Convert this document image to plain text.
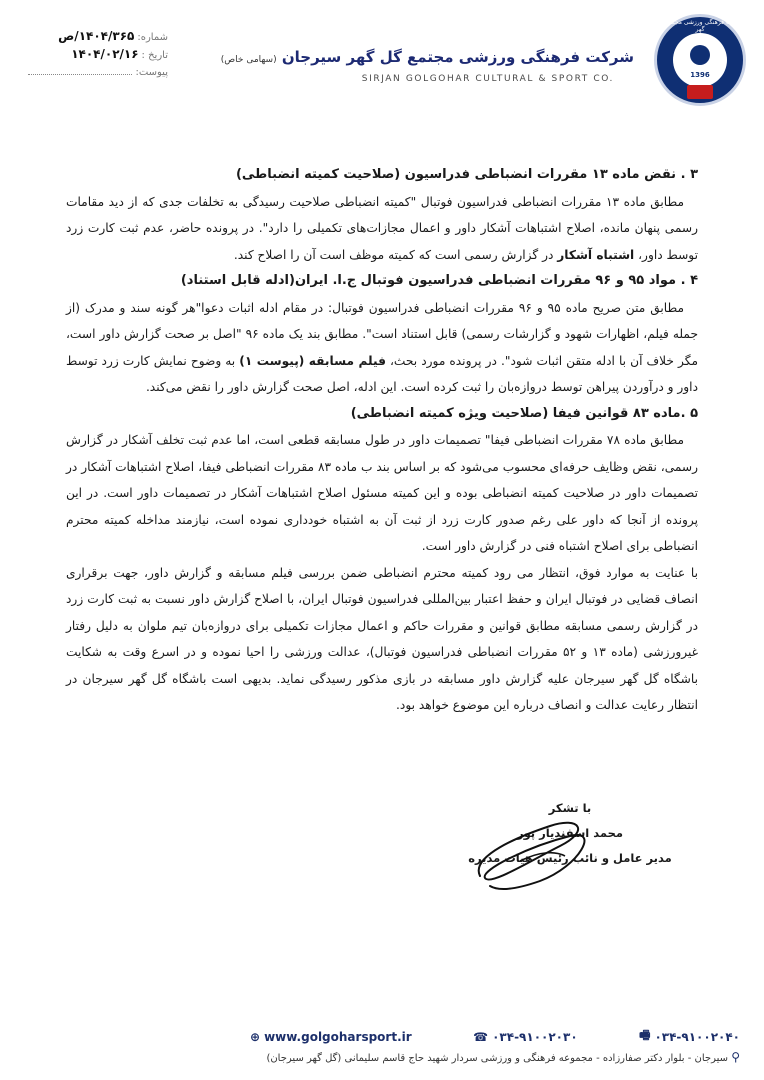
شرکت فرهنگی ورزشی مجتمع گل گهر
1396
شرکت فرهنگی ورزشی مجتمع گل گهر سیرجان (سهامی خاص)
SIRJAN GOLGOHAR CULTURAL & SPORT CO.
شماره:
۱۴۰۴/۳۶۵/ص
تاریخ :
۱۴۰۴/۰۲/۱۶
پیوست:

۳ . نقض ماده ۱۳ مقررات انضباطی فدراسیون (صلاحیت کمیته انضباطی)

مطابق ماده ۱۳ مقررات انضباطی فدراسیون فوتبال "کمیته انضباطی صلاحیت رسیدگی به تخلفات جدی که از دید مقامات رسمی پنهان مانده، اصلاح اشتباهات آشکار داور و اعمال مجازات‌های تکمیلی را دارد". در پرونده حاضر، عدم ثبت کارت زرد توسط داور، اشتباه آشکار در گزارش رسمی است که کمیته موظف است آن را اصلاح کند.

۴ . مواد ۹۵ و ۹۶ مقررات انضباطی فدراسیون فوتبال ج.ا. ایران(ادله قابل استناد)

مطابق متن صریح ماده ۹۵ و ۹۶ مقررات انضباطی فدراسیون فوتبال: در مقام ادله اثبات دعوا"هر گونه سند و مدرک (از جمله فیلم، اظهارات شهود و گزارشات رسمی) قابل استناد است". مطابق بند یک ماده ۹۶ "اصل بر صحت گزارش داور است، مگر خلاف آن با ادله متقن اثبات شود". در پرونده مورد بحث، فیلم مسابقه (پیوست ۱) به وضوح نمایش کارت زرد توسط داور و درآوردن پیراهن توسط دروازه‌بان را ثبت کرده است. این ادله، اصل صحت گزارش داور را نقض می‌کند.

۵ .ماده ۸۳ قوانین فیفا (صلاحیت ویژه کمیته انضباطی)

مطابق ماده ۷۸ مقررات انضباطی فیفا" تصمیمات داور در طول مسابقه قطعی است، اما عدم ثبت تخلف آشکار در گزارش رسمی، نقض وظایف حرفه‌ای محسوب می‌شود که بر اساس بند ب ماده ۸۳ مقررات انضباطی فیفا، اصلاح اشتباهات آشکار در تصمیمات داور در صلاحیت کمیته انضباطی بوده و این کمیته مسئول اصلاح اشتباهات آشکار در تصمیمات داور است. در این پرونده از آنجا که داور علی رغم صدور کارت زرد از ثبت آن به اشتباه خودداری نموده است، نیازمند مداخله کمیته محترم انضباطی برای اصلاح اشتباه فنی در گزارش داور است.

با عنایت به موارد فوق، انتظار می رود کمیته محترم انضباطی ضمن بررسی فیلم مسابقه و گزارش داور، جهت برقراری انصاف قضایی در فوتبال ایران و حفظ اعتبار بین‌المللی فدراسیون فوتبال ایران، با اصلاح گزارش داور نسبت به ثبت کارت زرد در گزارش رسمی مسابقه مطابق قوانین و مقررات حاکم و اعمال مجازات تکمیلی برای دروازه‌بان تیم ملوان به دلیل رفتار غیرورزشی (ماده ۱۳ و ۵۲ مقررات انضباطی فدراسیون فوتبال)، عدالت ورزشی را احیا نموده و در اسرع وقت به شکایت باشگاه گل گهر سیرجان علیه گزارش داور مسابقه در بازی مذکور رسیدگی نماید. بدیهی است باشگاه گل گهر سیرجان در انتظار رعایت عدالت و انصاف درباره این موضوع خواهد بود.

با تشکر
محمد اسفندیار پور
مدیر عامل و نائب رئیس هیات مدیره
⊕ www.golgoharsport.ir	☎ ۰۳۴-۹۱۰۰۲۰۳۰	🖷 ۰۳۴-۹۱۰۰۲۰۴۰
⚲ سیرجان - بلوار دکتر صفارزاده - مجموعه فرهنگی و ورزشی سردار شهید حاج قاسم سلیمانی (گل گهر سیرجان)
